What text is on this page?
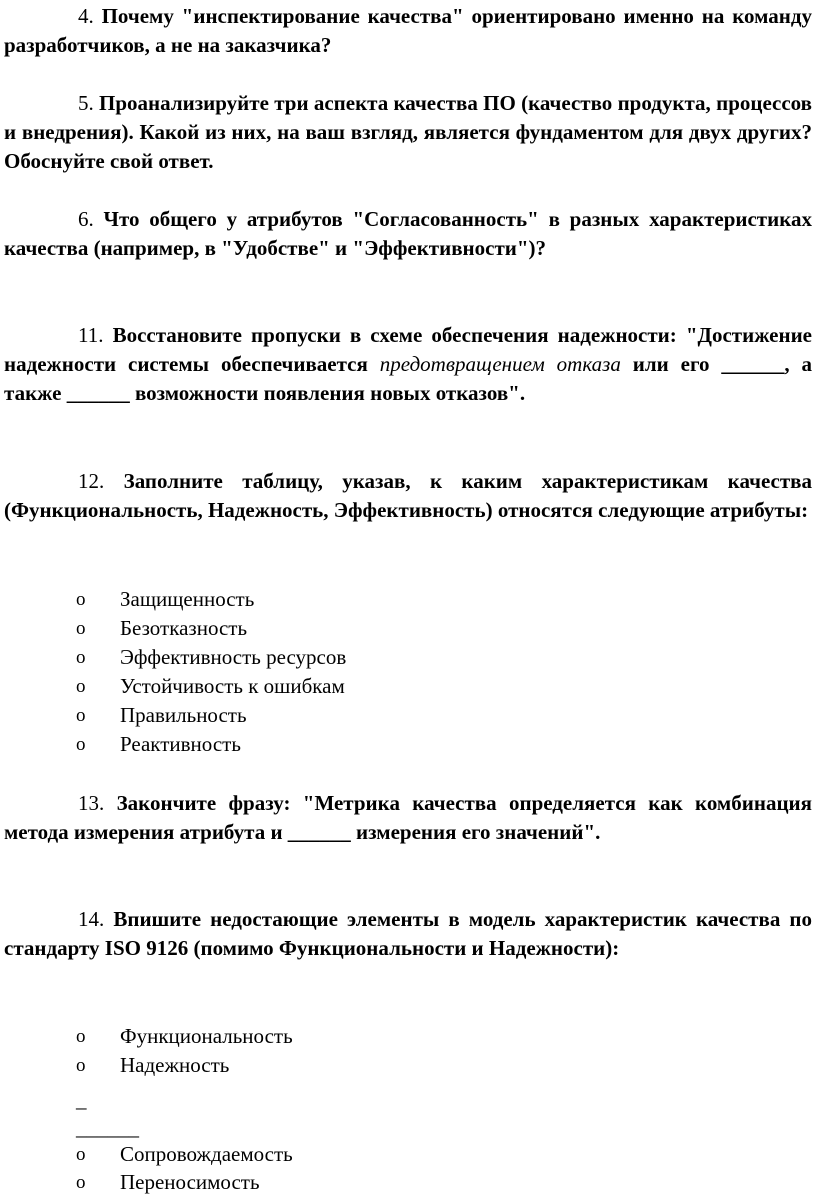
4. Почему "инспектирование качества" ориентировано именно на команду разработчиков, а не на заказчика?
5. Проанализируйте три аспекта качества ПО (качество продукта, процессов и внедрения). Какой из них, на ваш взгляд, является фундаментом для двух других? Обоснуйте свой ответ.
6. Что общего у атрибутов "Согласованность" в разных характеристиках качества (например, в "Удобстве" и "Эффективности")?
11. Восстановите пропуски в схеме обеспечения надежности: "Достижение надежности системы обеспечивается предотвращением отказа или его ______, а также ______ возможности появления новых отказов".
12. Заполните таблицу, указав, к каким характеристикам качества (Функциональность, Надежность, Эффективность) относятся следующие атрибуты:
o Защищенность
o Безотказность
o Эффективность ресурсов
o Устойчивость к ошибкам
o Правильность
o Реактивность
13. Закончите фразу: "Метрика качества определяется как комбинация метода измерения атрибута и ______ измерения его значений".
14. Впишите недостающие элементы в модель характеристик качества по стандарту ISO 9126 (помимо Функциональности и Надежности):
o Функциональность
o Надежность
_
______
o Сопровождаемость
o Переносимость
